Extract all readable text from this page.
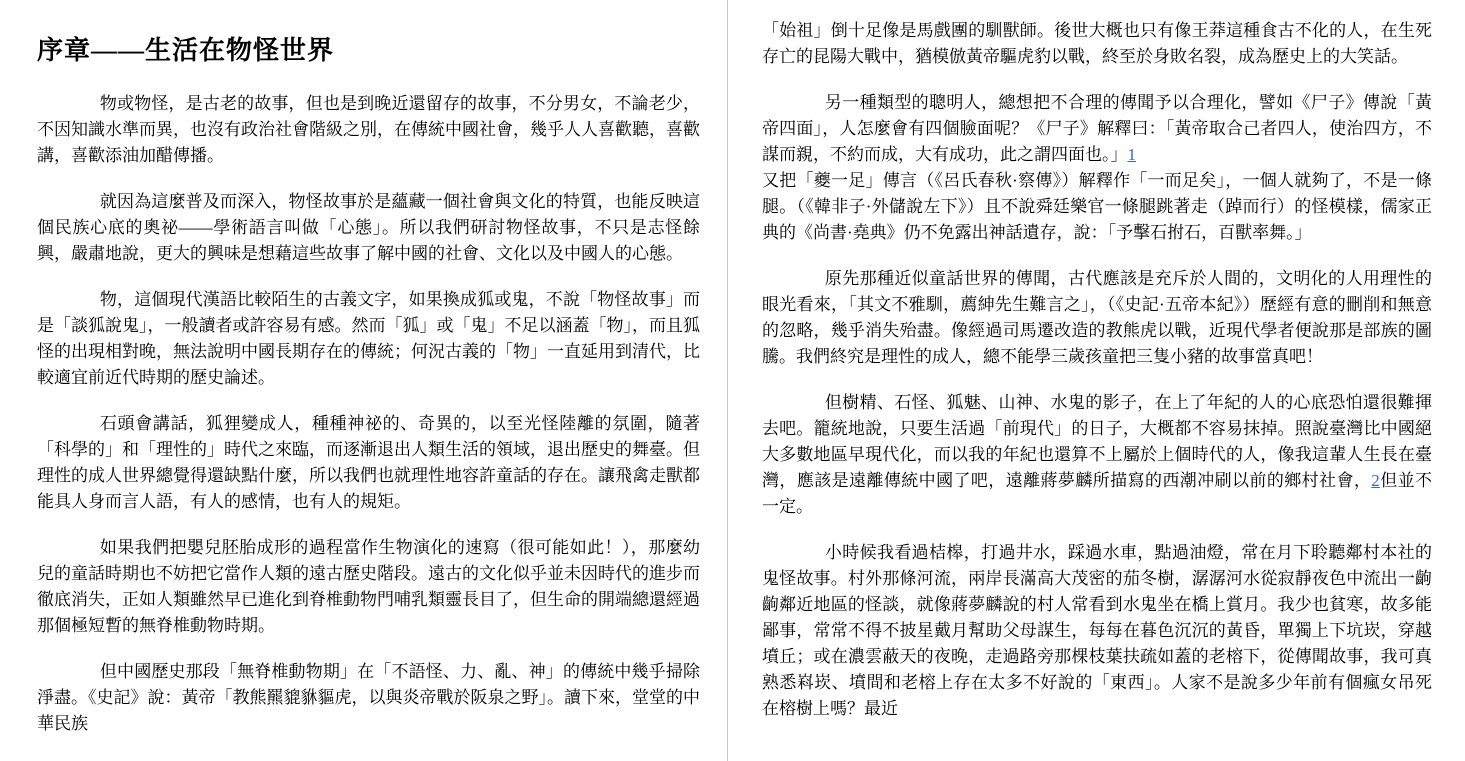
序章——生活在物怪世界

物或物怪，是古老的故事，但也是到晚近還留存的故事，不分男女，不論老少，不因知識水準而異，也沒有政治社會階級之別，在傳統中國社會，幾乎人人喜歡聽，喜歡講，喜歡添油加醋傳播。

就因為這麼普及而深入，物怪故事於是蘊藏一個社會與文化的特質，也能反映這個民族心底的奧祕——學術語言叫做「心態」。所以我們研討物怪故事，不只是志怪餘興，嚴肅地說，更大的興味是想藉這些故事了解中國的社會、文化以及中國人的心態。

物，這個現代漢語比較陌生的古義文字，如果換成狐或鬼，不說「物怪故事」而是「談狐說鬼」，一般讀者或許容易有感。然而「狐」或「鬼」不足以涵蓋「物」，而且狐怪的出現相對晚，無法說明中國長期存在的傳統；何況古義的「物」一直延用到清代，比較適宜前近代時期的歷史論述。

石頭會講話，狐狸變成人，種種神祕的、奇異的，以至光怪陸離的氛圍，隨著「科學的」和「理性的」時代之來臨，而逐漸退出人類生活的領域，退出歷史的舞臺。但理性的成人世界總覺得還缺點什麼，所以我們也就理性地容許童話的存在。讓飛禽走獸都能具人身而言人語，有人的感情，也有人的規矩。

如果我們把嬰兒胚胎成形的過程當作生物演化的速寫（很可能如此！），那麼幼兒的童話時期也不妨把它當作人類的遠古歷史階段。遠古的文化似乎並未因時代的進步而徹底消失，正如人類雖然早已進化到脊椎動物門哺乳類靈長目了，但生命的開端總還經過那個極短暫的無脊椎動物時期。

但中國歷史那段「無脊椎動物期」在「不語怪、力、亂、神」的傳統中幾乎掃除淨盡。《史記》說：黃帝「教熊羆貔貅貙虎，以與炎帝戰於阪泉之野」。讀下來，堂堂的中華民族

「始祖」倒十足像是馬戲團的馴獸師。後世大概也只有像王莽這種食古不化的人，在生死存亡的昆陽大戰中，猶模倣黃帝驅虎豹以戰，終至於身敗名裂，成為歷史上的大笑話。

另一種類型的聰明人，總想把不合理的傳聞予以合理化，譬如《尸子》傳說「黃帝四面」，人怎麼會有四個臉面呢？《尸子》解釋曰：「黃帝取合己者四人，使治四方，不謀而親，不約而成，大有成功，此之謂四面也。」1
又把「夔一足」傳言（《呂氏春秋·察傳》）解釋作「一而足矣」，一個人就夠了，不是一條腿。（《韓非子·外儲說左下》）且不說舜廷樂官一條腿跳著走（踔而行）的怪模樣，儒家正典的《尚書·堯典》仍不免露出神話遺存，說：「予擊石拊石，百獸率舞。」

原先那種近似童話世界的傳聞，古代應該是充斥於人間的，文明化的人用理性的眼光看來，「其文不雅馴，薦紳先生難言之」，（《史記·五帝本紀》）歷經有意的刪削和無意的忽略，幾乎消失殆盡。像經過司馬遷改造的教熊虎以戰，近現代學者便說那是部族的圖騰。我們終究是理性的成人，總不能學三歲孩童把三隻小豬的故事當真吧！

但樹精、石怪、狐魅、山神、水鬼的影子，在上了年紀的人的心底恐怕還很難揮去吧。籠統地說，只要生活過「前現代」的日子，大概都不容易抹掉。照說臺灣比中國絕大多數地區早現代化，而以我的年紀也還算不上屬於上個時代的人，像我這輩人生長在臺灣，應該是遠離傳統中國了吧，遠離蔣夢麟所描寫的西潮冲刷以前的鄉村社會，2但並不一定。

小時候我看過桔槔，打過井水，踩過水車，點過油燈，常在月下聆聽鄰村本社的鬼怪故事。村外那條河流，兩岸長滿高大茂密的茄冬樹，潺潺河水從寂靜夜色中流出一齣齣鄰近地區的怪談，就像蔣夢麟說的村人常看到水鬼坐在橋上賞月。我少也貧寒，故多能鄙事，常常不得不披星戴月幫助父母謀生，每每在暮色沉沉的黃昏，單獨上下坑崁，穿越墳丘；或在濃雲蔽天的夜晚，走過路旁那棵枝葉扶疏如蓋的老榕下，從傳聞故事，我可真熟悉嵙崁、墳間和老榕上存在太多不好說的「東西」。人家不是說多少年前有個瘋女吊死在榕樹上嗎？最近
